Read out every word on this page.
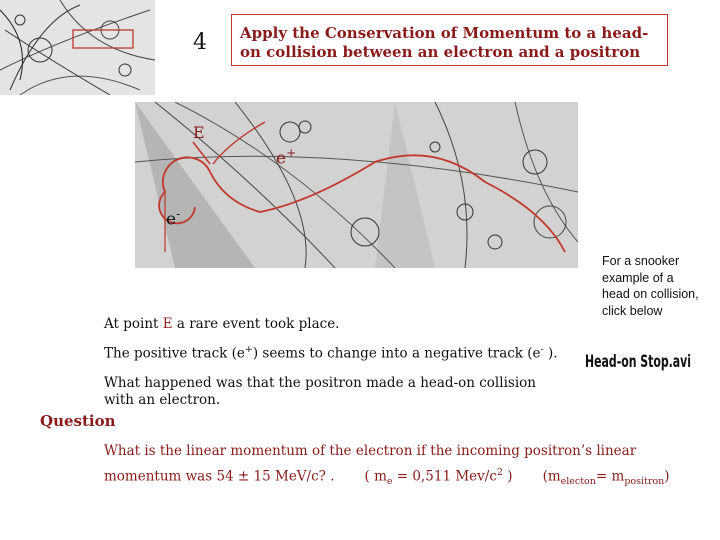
4	Apply the Conservation of Momentum to a head-on collision between an electron and a positron
E
e+
e-
For a snooker example of a head on collision, click below
Head-on Stop.avi
At point E a rare event took place.
The positive track (e+) seems to change into a negative track (e- ).
What happened was that the positron made a head-on collision with an electron.
Question
What is the linear momentum of the electron if the incoming positron’s linear
momentum was 54 ± 15 MeV/c? . ( $m_e = 0,511$ Mev/$c^2$ ) $(m_{electon}= m_{positron})$
